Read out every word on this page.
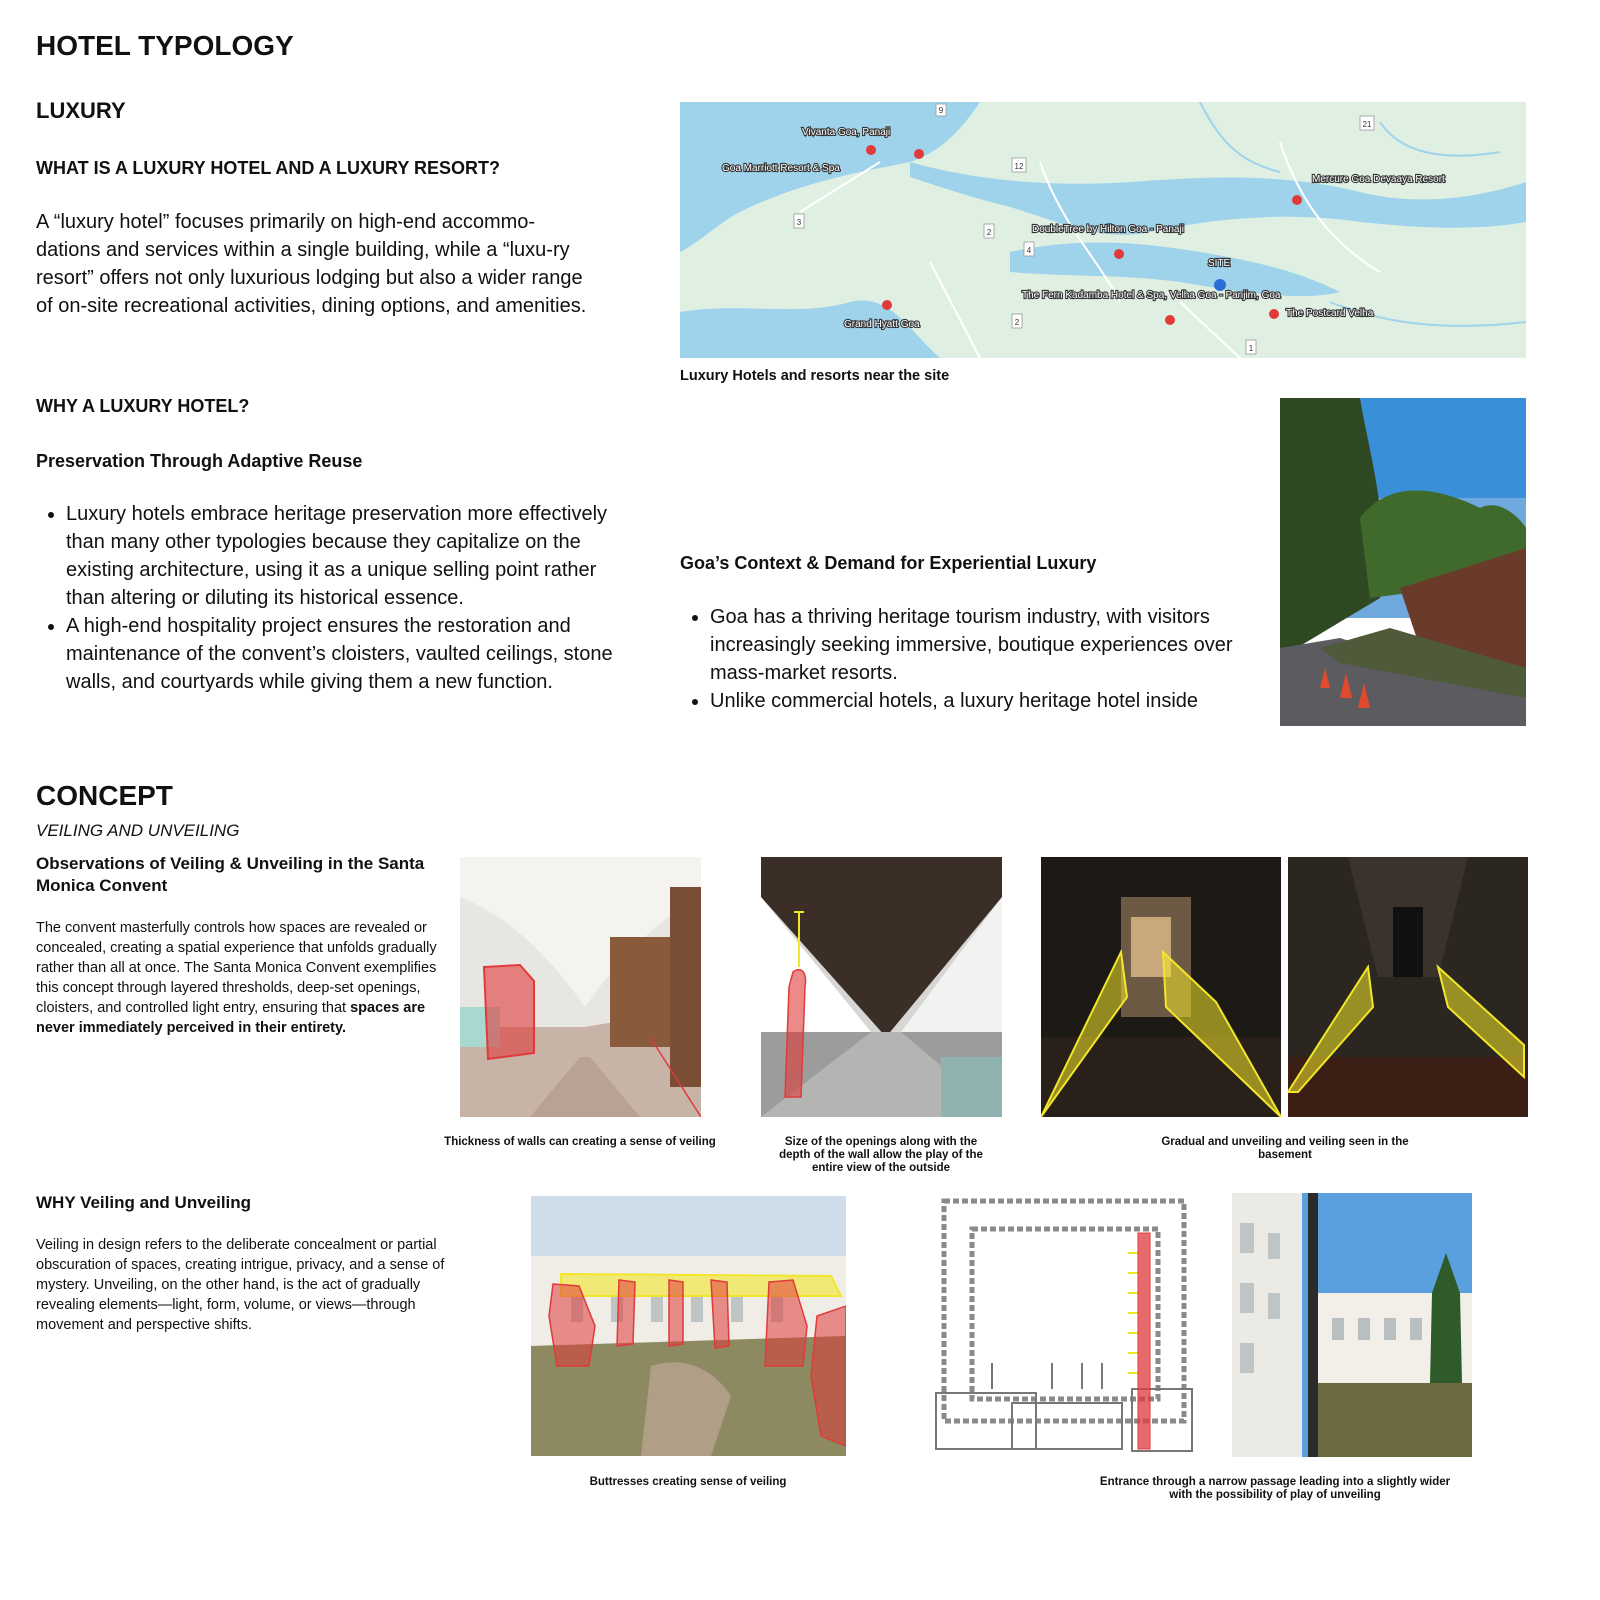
HOTEL TYPOLOGY
LUXURY
WHAT IS A LUXURY HOTEL AND A LUXURY RESORT?
A “luxury hotel” focuses primarily on high-end accommo-dations and services within a single building, while a “luxu-ry resort” offers not only luxurious lodging but also a wider range of on-site recreational activities, dining options, and amenities.
WHY A LUXURY HOTEL?
Preservation Through Adaptive Reuse
• Luxury hotels embrace heritage preservation more effectively than many other typologies because they capitalize on the existing architecture, using it as a unique selling point rather than altering or diluting its historical essence.
• A high-end hospitality project ensures the restoration and maintenance of the convent’s cloisters, vaulted ceilings, stone walls, and courtyards while giving them a new function.
9
21
12
3
2
4
2
1
Vivanta Goa, Panaji
Goa Marriott Resort & Spa
Mercure Goa Devaaya Resort
DoubleTree by Hilton Goa - Panaji
SITE
The Fern Kadamba Hotel & Spa, Velha Goa - Panjim, Goa
The Postcard Velha
Grand Hyatt Goa
Luxury Hotels and resorts near the site
Goa’s Context & Demand for Experiential Luxury
• Goa has a thriving heritage tourism industry, with visitors increasingly seeking immersive, boutique experiences over mass-market resorts.
• Unlike commercial hotels, a luxury heritage hotel inside
CONCEPT
VEILING AND UNVEILING
Observations of Veiling & Unveiling in the Santa Monica Convent
The convent masterfully controls how spaces are revealed or concealed, creating a spatial experience that unfolds gradually rather than all at once. The Santa Monica Convent exemplifies this concept through layered thresholds, deep-set openings, cloisters, and controlled light entry, ensuring that spaces are never immediately perceived in their entirety.
Thickness of walls can creating a sense of veiling	Size of the openings along with the depth of the wall allow the play of the entire view of the outside
Gradual and unveiling and veiling seen in the basement
WHY Veiling and Unveiling
Veiling in design refers to the deliberate concealment or partial obscuration of spaces, creating intrigue, privacy, and a sense of mystery. Unveiling, on the other hand, is the act of gradually revealing elements—light, form, volume, or views—through movement and perspective shifts.
Buttresses creating sense of veiling	Entrance through a narrow passage leading into a slightly wider with the possibility of play of unveiling
